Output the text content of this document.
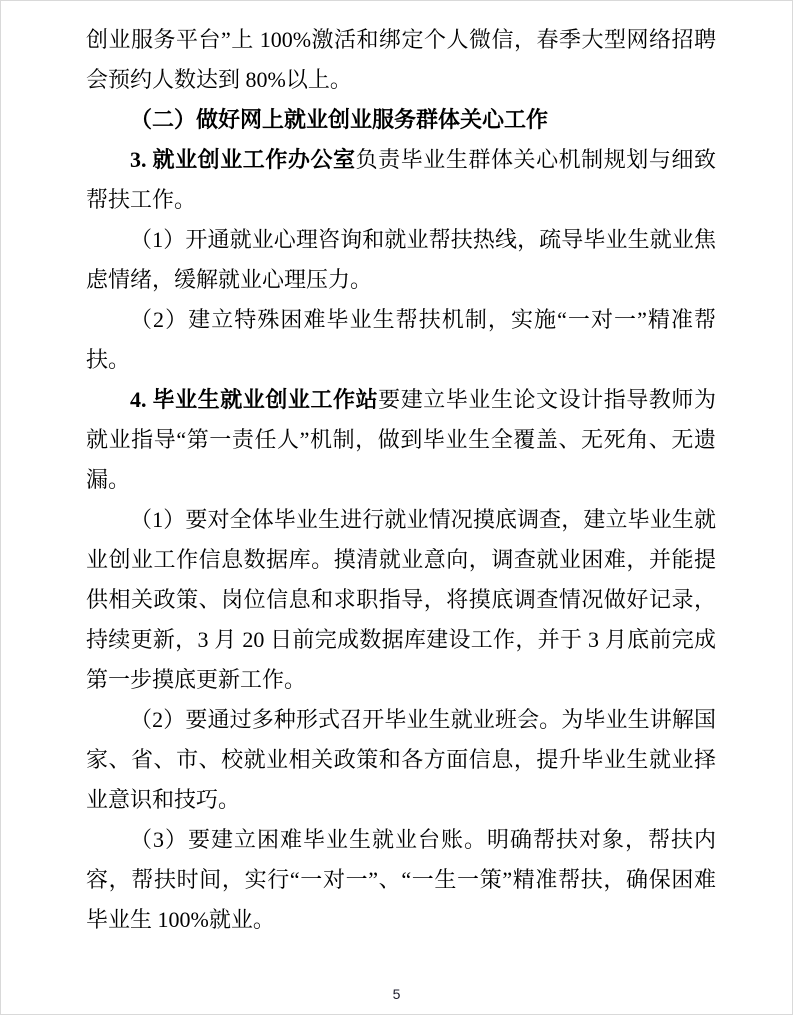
创业服务平台”上 100%激活和绑定个人微信，春季大型网络招聘会预约人数达到 80%以上。

（二）做好网上就业创业服务群体关心工作

3. 就业创业工作办公室负责毕业生群体关心机制规划与细致帮扶工作。

（1）开通就业心理咨询和就业帮扶热线，疏导毕业生就业焦虑情绪，缓解就业心理压力。

（2）建立特殊困难毕业生帮扶机制，实施“一对一”精准帮扶。

4. 毕业生就业创业工作站要建立毕业生论文设计指导教师为就业指导“第一责任人”机制，做到毕业生全覆盖、无死角、无遗漏。

（1）要对全体毕业生进行就业情况摸底调查，建立毕业生就业创业工作信息数据库。摸清就业意向，调查就业困难，并能提供相关政策、岗位信息和求职指导，将摸底调查情况做好记录，持续更新，3 月 20 日前完成数据库建设工作，并于 3 月底前完成第一步摸底更新工作。

（2）要通过多种形式召开毕业生就业班会。为毕业生讲解国家、省、市、校就业相关政策和各方面信息，提升毕业生就业择业意识和技巧。

（3）要建立困难毕业生就业台账。明确帮扶对象，帮扶内容，帮扶时间，实行“一对一”、“一生一策”精准帮扶，确保困难毕业生 100%就业。

5
